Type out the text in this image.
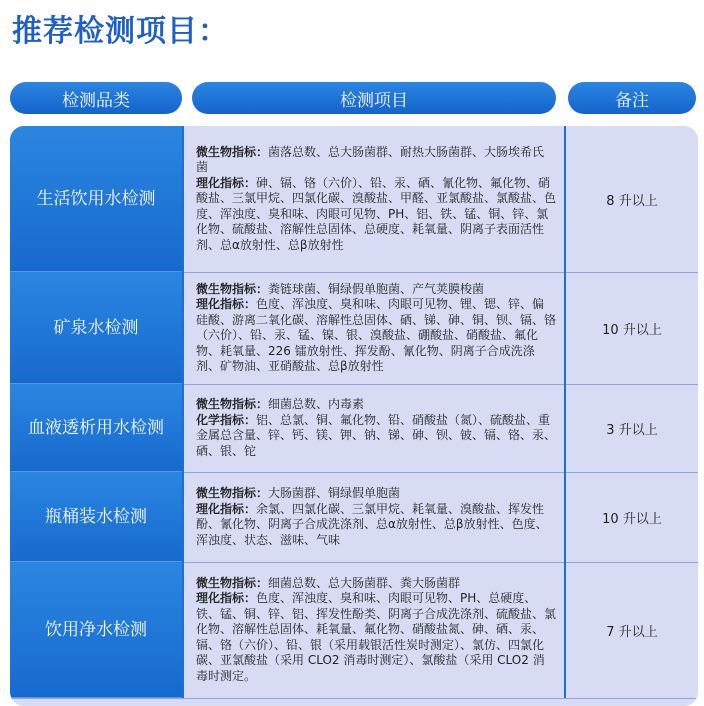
推荐检测项目：
检测品类	检测项目	备注
生活饮用水检测
微生物指标：菌落总数、总大肠菌群、耐热大肠菌群、大肠埃希氏菌
理化指标：砷、镉、铬（六价）、铅、汞、硒、氰化物、氟化物、硝酸盐、三氯甲烷、四氯化碳、溴酸盐、甲醛、亚氯酸盐、氯酸盐、色度、浑浊度、臭和味、肉眼可见物、PH、铝、铁、锰、铜、锌、氯化物、硫酸盐、溶解性总固体、总硬度、耗氧量、阴离子表面活性剂、总α放射性、总β放射性
8 升以上
矿泉水检测
微生物指标：粪链球菌、铜绿假单胞菌、产气荚膜梭菌
理化指标：色度、浑浊度、臭和味、肉眼可见物、锂、锶、锌、偏硅酸、游离二氧化碳、溶解性总固体、硒、锑、砷、铜、钡、镉、铬（六价）、铅、汞、锰、镍、银、溴酸盐、硼酸盐、硝酸盐、氟化物、耗氧量、226 镭放射性、挥发酚、氰化物、阴离子合成洗涤剂、矿物油、亚硝酸盐、总β放射性
10 升以上
血液透析用水检测
微生物指标：细菌总数、内毒素
化学指标：铝、总氯、铜、氟化物、铅、硝酸盐（氮）、硫酸盐、重金属总含量、锌、钙、镁、钾、钠、锑、砷、钡、铍、镉、铬、汞、硒、银、铊
3 升以上
瓶桶装水检测
微生物指标：大肠菌群、铜绿假单胞菌
理化指标：余氯、四氯化碳、三氯甲烷、耗氧量、溴酸盐、挥发性酚、氰化物、阴离子合成洗涤剂、总α放射性、总β放射性、色度、浑浊度、状态、滋味、气味
10 升以上
饮用净水检测
微生物指标：细菌总数、总大肠菌群、粪大肠菌群
理化指标：色度、浑浊度、臭和味、肉眼可见物、PH、总硬度、铁、锰、铜、锌、铝、挥发性酚类、阴离子合成洗涤剂、硫酸盐、氯化物、溶解性总固体、耗氧量、氟化物、硝酸盐氮、砷、硒、汞、镉、铬（六价）、铅、银（采用载银活性炭时测定）、氯仿、四氯化碳、亚氯酸盐（采用 CLO2 消毒时测定）、氯酸盐（采用 CLO2 消毒时测定。
7 升以上
